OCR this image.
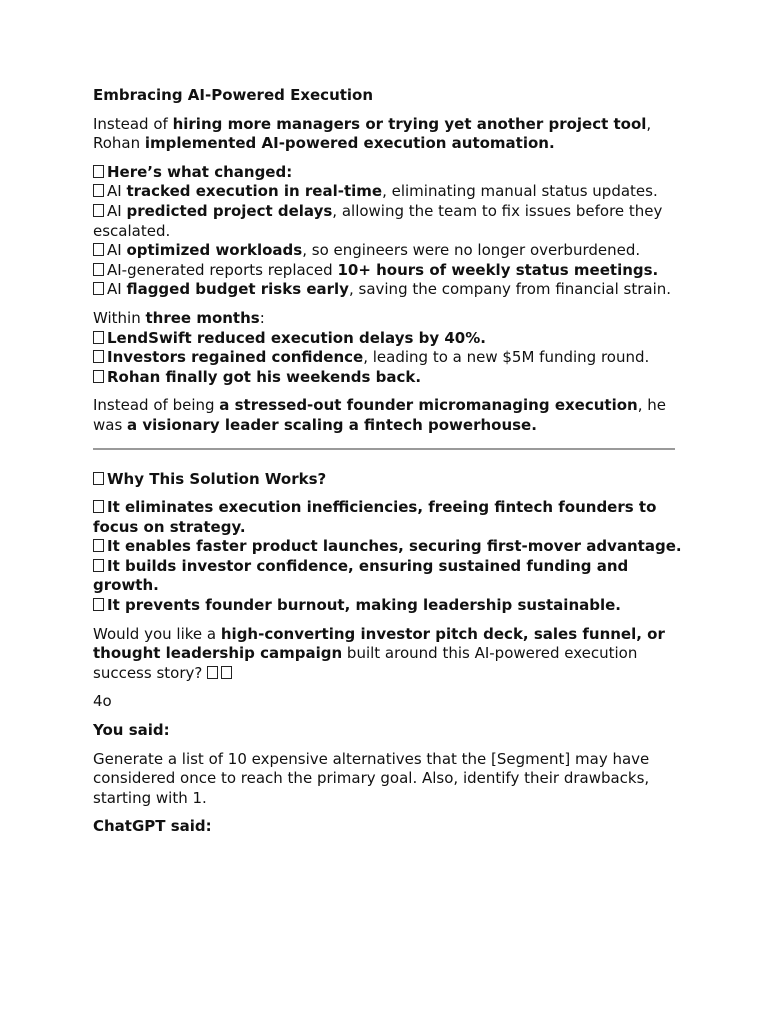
Embracing AI-Powered Execution

Instead of hiring more managers or trying yet another project tool, Rohan implemented AI-powered execution automation.

Here’s what changed:

AI tracked execution in real-time, eliminating manual status updates.

AI predicted project delays, allowing the team to fix issues before they escalated.

AI optimized workloads, so engineers were no longer overburdened.

AI-generated reports replaced 10+ hours of weekly status meetings.

AI flagged budget risks early, saving the company from financial strain.

Within three months:

LendSwift reduced execution delays by 40%.

Investors regained confidence, leading to a new $5M funding round.

Rohan finally got his weekends back.

Instead of being a stressed-out founder micromanaging execution, he was a visionary leader scaling a fintech powerhouse.

Why This Solution Works?

It eliminates execution inefficiencies, freeing fintech founders to focus on strategy.

It enables faster product launches, securing first-mover advantage.

It builds investor confidence, ensuring sustained funding and growth.

It prevents founder burnout, making leadership sustainable.

Would you like a high-converting investor pitch deck, sales funnel, or thought leadership campaign built around this AI-powered execution success story?

4o

You said:

Generate a list of 10 expensive alternatives that the [Segment] may have considered once to reach the primary goal. Also, identify their drawbacks, starting with 1.

ChatGPT said:
